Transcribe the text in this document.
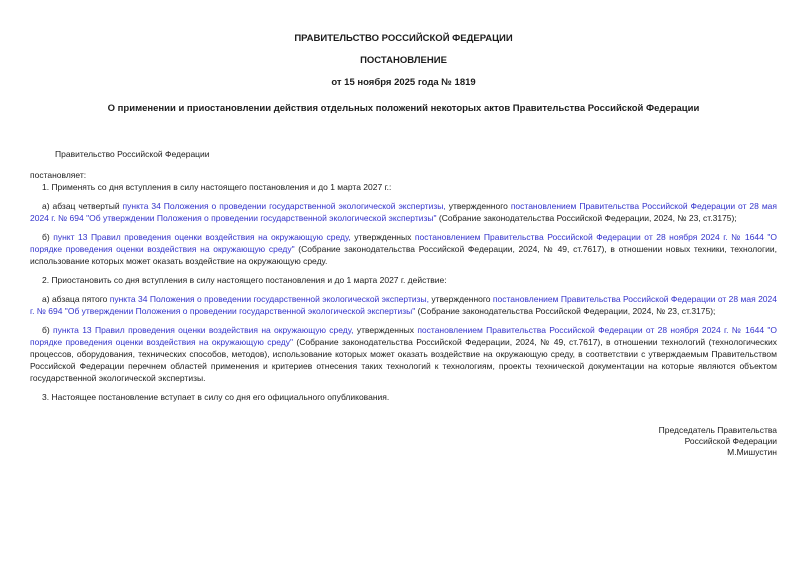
ПРАВИТЕЛЬСТВО РОССИЙСКОЙ ФЕДЕРАЦИИ
ПОСТАНОВЛЕНИЕ
от 15 ноября 2025 года № 1819
О применении и приостановлении действия отдельных положений некоторых актов Правительства Российской Федерации

Правительство Российской Федерации

постановляет:

1. Применять со дня вступления в силу настоящего постановления и до 1 марта 2027 г.:

а) абзац четвертый пункта 34 Положения о проведении государственной экологической экспертизы, утвержденного постановлением Правительства Российской Федерации от 28 мая 2024 г. № 694 "Об утверждении Положения о проведении государственной экологической экспертизы" (Собрание законодательства Российской Федерации, 2024, № 23, ст.3175);

б) пункт 13 Правил проведения оценки воздействия на окружающую среду, утвержденных постановлением Правительства Российской Федерации от 28 ноября 2024 г. № 1644 "О порядке проведения оценки воздействия на окружающую среду" (Собрание законодательства Российской Федерации, 2024, № 49, ст.7617), в отношении новых техники, технологии, использование которых может оказать воздействие на окружающую среду.

2. Приостановить со дня вступления в силу настоящего постановления и до 1 марта 2027 г. действие:

а) абзаца пятого пункта 34 Положения о проведении государственной экологической экспертизы, утвержденного постановлением Правительства Российской Федерации от 28 мая 2024 г. № 694 "Об утверждении Положения о проведении государственной экологической экспертизы" (Собрание законодательства Российской Федерации, 2024, № 23, ст.3175);

б) пункта 13 Правил проведения оценки воздействия на окружающую среду, утвержденных постановлением Правительства Российской Федерации от 28 ноября 2024 г. № 1644 "О порядке проведения оценки воздействия на окружающую среду" (Собрание законодательства Российской Федерации, 2024, № 49, ст.7617), в отношении технологий (технологических процессов, оборудования, технических способов, методов), использование которых может оказать воздействие на окружающую среду, в соответствии с утверждаемым Правительством Российской Федерации перечнем областей применения и критериев отнесения таких технологий к технологиям, проекты технической документации на которые являются объектом государственной экологической экспертизы.

3. Настоящее постановление вступает в силу со дня его официального опубликования.

Председатель Правительства
Российской Федерации
М.Мишустин
